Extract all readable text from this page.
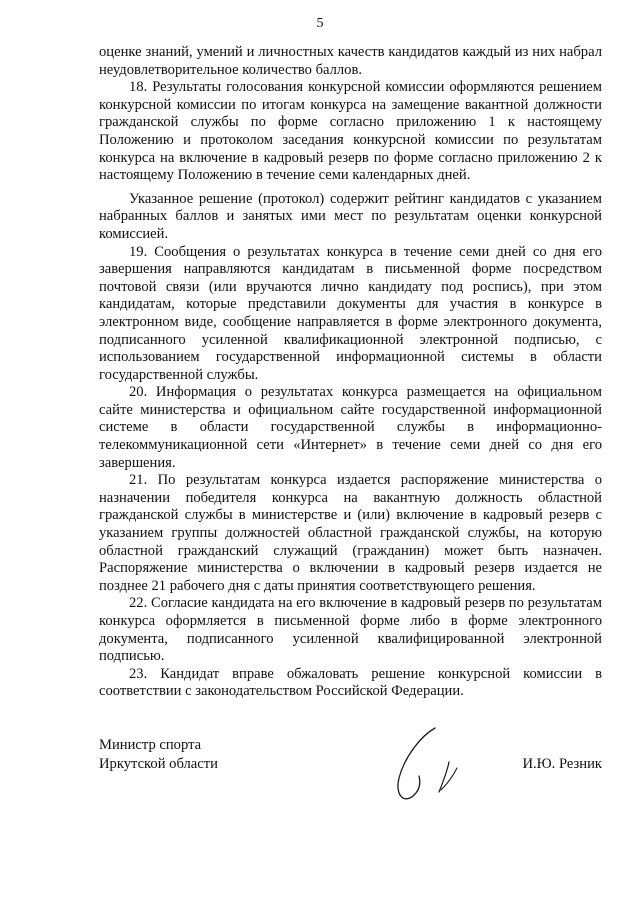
5

оценке знаний, умений и личностных качеств кандидатов каждый из них набрал неудовлетворительное количество баллов.

18. Результаты голосования конкурсной комиссии оформляются решением конкурсной комиссии по итогам конкурса на замещение вакантной должности гражданской службы по форме согласно приложению 1 к настоящему Положению и протоколом заседания конкурсной комиссии по результатам конкурса на включение в кадровый резерв по форме согласно приложению 2 к настоящему Положению в течение семи календарных дней.

Указанное решение (протокол) содержит рейтинг кандидатов с указанием набранных баллов и занятых ими мест по результатам оценки конкурсной комиссией.

19. Сообщения о результатах конкурса в течение семи дней со дня его завершения направляются кандидатам в письменной форме посредством почтовой связи (или вручаются лично кандидату под роспись), при этом кандидатам, которые представили документы для участия в конкурсе в электронном виде, сообщение направляется в форме электронного документа, подписанного усиленной квалификационной электронной подписью, с использованием государственной информационной системы в области государственной службы.

20. Информация о результатах конкурса размещается на официальном сайте министерства и официальном сайте государственной информационной системе в области государственной службы в информационно-телекоммуникационной сети «Интернет» в течение семи дней со дня его завершения.

21. По результатам конкурса издается распоряжение министерства о назначении победителя конкурса на вакантную должность областной гражданской службы в министерстве и (или) включение в кадровый резерв с указанием группы должностей областной гражданской службы, на которую областной гражданский служащий (гражданин) может быть назначен. Распоряжение министерства о включении в кадровый резерв издается не позднее 21 рабочего дня с даты принятия соответствующего решения.

22. Согласие кандидата на его включение в кадровый резерв по результатам конкурса оформляется в письменной форме либо в форме электронного документа, подписанного усиленной квалифицированной электронной подписью.

23. Кандидат вправе обжаловать решение конкурсной комиссии в соответствии с законодательством Российской Федерации.

Министр спорта
Иркутской области	И.Ю. Резник
